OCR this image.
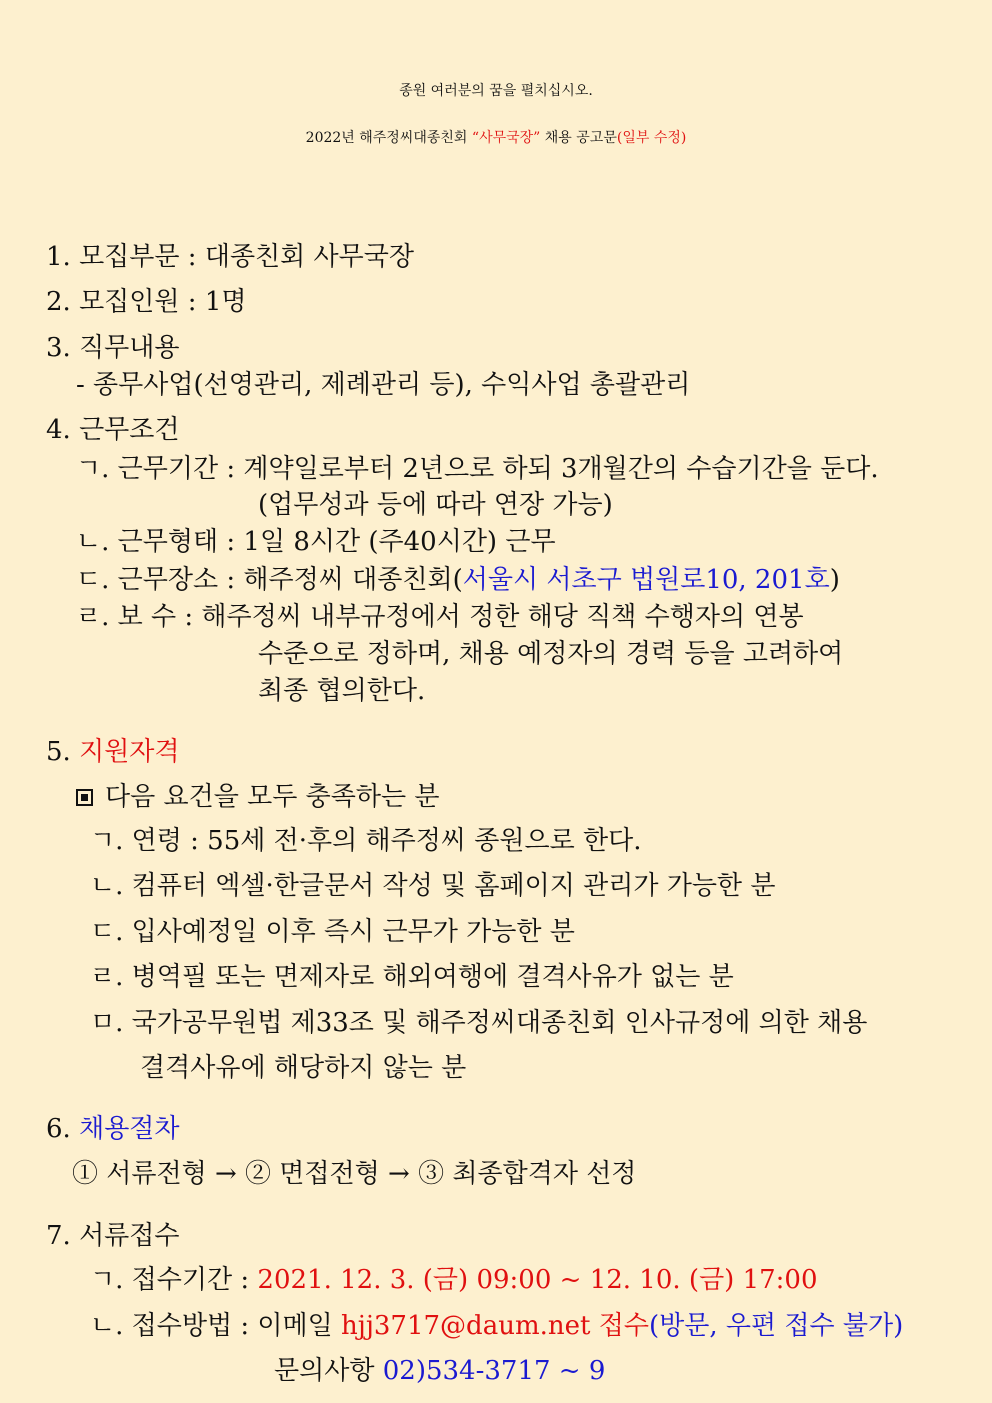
종원 여러분의 꿈을 펼치십시오.
2022년 해주정씨대종친회 “사무국장” 채용 공고문(일부 수정)
1. 모집부문 : 대종친회 사무국장
2. 모집인원 : 1명
3. 직무내용
- 종무사업(선영관리, 제례관리 등), 수익사업 총괄관리
4. 근무조건
ㄱ. 근무기간 : 계약일로부터 2년으로 하되 3개월간의 수습기간을 둔다.
(업무성과 등에 따라 연장 가능)
ㄴ. 근무형태 : 1일 8시간 (주40시간) 근무
ㄷ. 근무장소 : 해주정씨 대종친회(서울시 서초구 법원로10, 201호)
ㄹ. 보 수 : 해주정씨 내부규정에서 정한 해당 직책 수행자의 연봉
수준으로 정하며, 채용 예정자의 경력 등을 고려하여
최종 협의한다.
5. 지원자격
다음 요건을 모두 충족하는 분
ㄱ. 연령 : 55세 전·후의 해주정씨 종원으로 한다.
ㄴ. 컴퓨터 엑셀·한글문서 작성 및 홈페이지 관리가 가능한 분
ㄷ. 입사예정일 이후 즉시 근무가 가능한 분
ㄹ. 병역필 또는 면제자로 해외여행에 결격사유가 없는 분
ㅁ. 국가공무원법 제33조 및 해주정씨대종친회 인사규정에 의한 채용
결격사유에 해당하지 않는 분
6. 채용절차
① 서류전형 → ② 면접전형 → ③ 최종합격자 선정
7. 서류접수
ㄱ. 접수기간 : 2021. 12. 3. (금) 09:00 ~ 12. 10. (금) 17:00
ㄴ. 접수방법 : 이메일 hjj3717@daum.net 접수(방문, 우편 접수 불가)
문의사항 02)534-3717 ~ 9
